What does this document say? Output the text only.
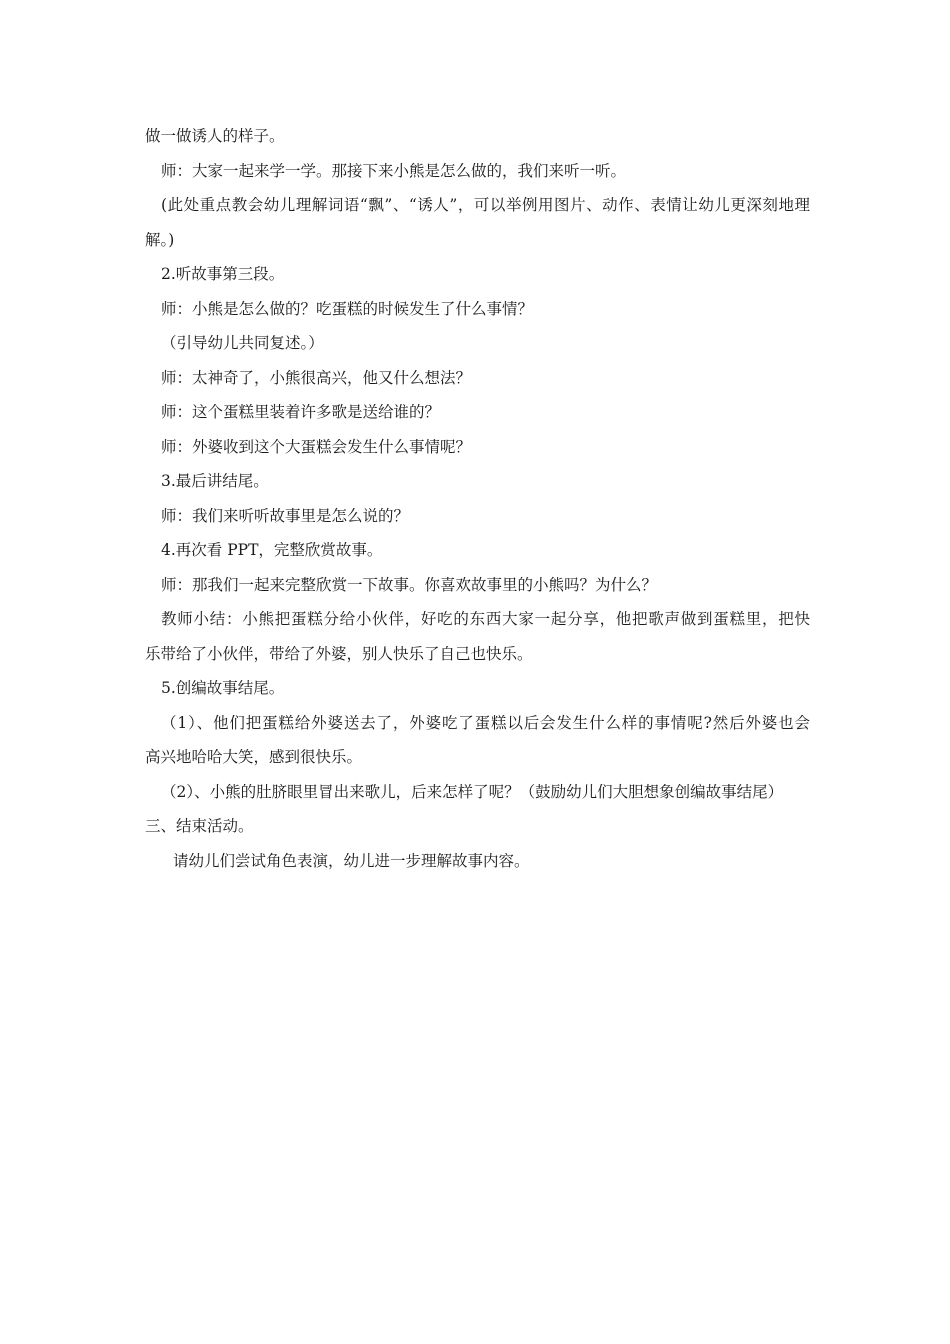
做一做诱人的样子。
师：大家一起来学一学。那接下来小熊是怎么做的，我们来听一听。
(此处重点教会幼儿理解词语“飘”、“诱人”，可以举例用图片、动作、表情让幼儿更深刻地理
解。)
2.听故事第三段。
师：小熊是怎么做的？吃蛋糕的时候发生了什么事情？
（引导幼儿共同复述。）
师：太神奇了，小熊很高兴，他又什么想法？
师：这个蛋糕里装着许多歌是送给谁的？
师：外婆收到这个大蛋糕会发生什么事情呢？
3.最后讲结尾。
师：我们来听听故事里是怎么说的？
4.再次看 PPT，完整欣赏故事。
师：那我们一起来完整欣赏一下故事。你喜欢故事里的小熊吗？为什么？
教师小结：小熊把蛋糕分给小伙伴，好吃的东西大家一起分享，他把歌声做到蛋糕里，把快
乐带给了小伙伴，带给了外婆，别人快乐了自己也快乐。
5.创编故事结尾。
（1）、他们把蛋糕给外婆送去了，外婆吃了蛋糕以后会发生什么样的事情呢?然后外婆也会
高兴地哈哈大笑，感到很快乐。
（2）、小熊的肚脐眼里冒出来歌儿，后来怎样了呢？（鼓励幼儿们大胆想象创编故事结尾）
三、结束活动。
请幼儿们尝试角色表演，幼儿进一步理解故事内容。
